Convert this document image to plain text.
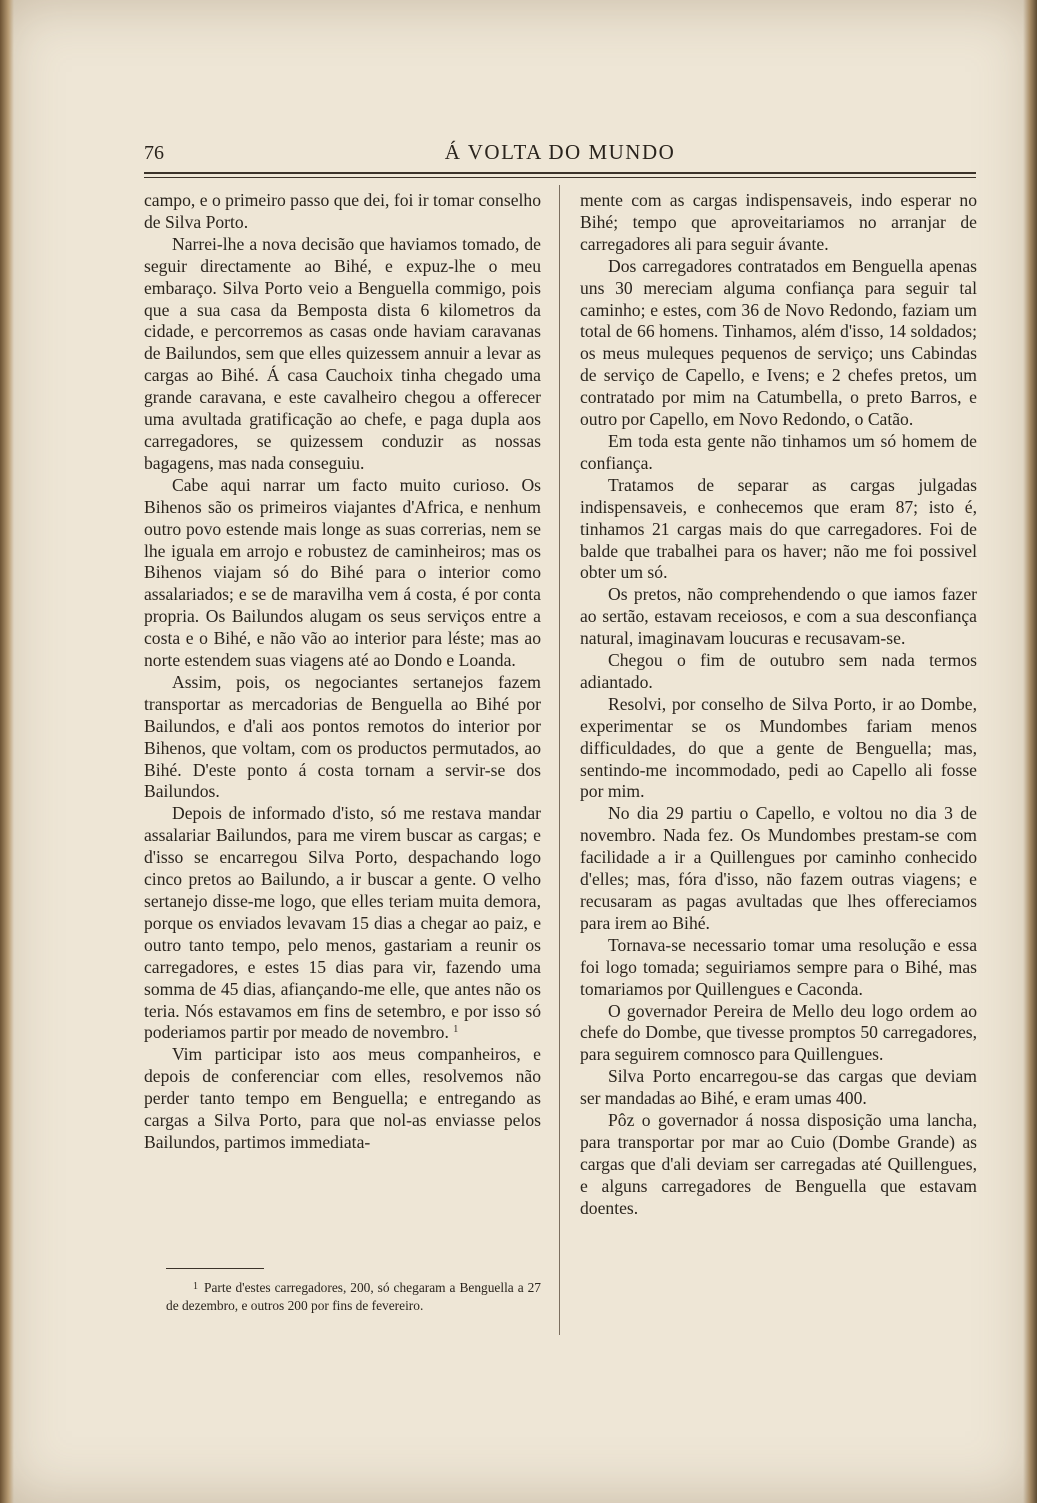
76	Á VOLTA DO MUNDO

campo, e o primeiro passo que dei, foi ir tomar conselho de Silva Porto.

Narrei-lhe a nova decisão que haviamos tomado, de seguir directamente ao Bihé, e expuz-lhe o meu embaraço. Silva Porto veio a Benguella commigo, pois que a sua casa da Bemposta dista 6 kilometros da cidade, e percorremos as casas onde haviam caravanas de Bailundos, sem que elles quizessem annuir a levar as cargas ao Bihé. Á casa Cauchoix tinha chegado uma grande caravana, e este cavalheiro chegou a offerecer uma avultada gratificação ao chefe, e paga dupla aos carregadores, se quizessem conduzir as nossas bagagens, mas nada conseguiu.

Cabe aqui narrar um facto muito curioso. Os Bihenos são os primeiros viajantes d'Africa, e nenhum outro povo estende mais longe as suas correrias, nem se lhe iguala em arrojo e robustez de caminheiros; mas os Bihenos viajam só do Bihé para o interior como assalariados; e se de maravilha vem á costa, é por conta propria. Os Bailundos alugam os seus serviços entre a costa e o Bihé, e não vão ao interior para léste; mas ao norte estendem suas viagens até ao Dondo e Loanda.

Assim, pois, os negociantes sertanejos fazem transportar as mercadorias de Benguella ao Bihé por Bailundos, e d'ali aos pontos remotos do interior por Bihenos, que voltam, com os productos permutados, ao Bihé. D'este ponto á costa tornam a servir-se dos Bailundos.

Depois de informado d'isto, só me restava mandar assalariar Bailundos, para me virem buscar as cargas; e d'isso se encarregou Silva Porto, despachando logo cinco pretos ao Bailundo, a ir buscar a gente. O velho sertanejo disse-me logo, que elles teriam muita demora, porque os enviados levavam 15 dias a chegar ao paiz, e outro tanto tempo, pelo menos, gastariam a reunir os carregadores, e estes 15 dias para vir, fazendo uma somma de 45 dias, afiançando-me elle, que antes não os teria. Nós estavamos em fins de setembro, e por isso só poderiamos partir por meado de novembro. $^1$

Vim participar isto aos meus companheiros, e depois de conferenciar com elles, resolvemos não perder tanto tempo em Benguella; e entregando as cargas a Silva Porto, para que nol-as enviasse pelos Bailundos, partimos immediata-

mente com as cargas indispensaveis, indo esperar no Bihé; tempo que aproveitariamos no arranjar de carregadores ali para seguir ávante.

Dos carregadores contratados em Benguella apenas uns 30 mereciam alguma confiança para seguir tal caminho; e estes, com 36 de Novo Redondo, faziam um total de 66 homens. Tinhamos, além d'isso, 14 soldados; os meus muleques pequenos de serviço; uns Cabindas de serviço de Capello, e Ivens; e 2 chefes pretos, um contratado por mim na Catumbella, o preto Barros, e outro por Capello, em Novo Redondo, o Catão.

Em toda esta gente não tinhamos um só homem de confiança.

Tratamos de separar as cargas julgadas indispensaveis, e conhecemos que eram 87; isto é, tinhamos 21 cargas mais do que carregadores. Foi de balde que trabalhei para os haver; não me foi possivel obter um só.

Os pretos, não comprehendendo o que iamos fazer ao sertão, estavam receiosos, e com a sua desconfiança natural, imaginavam loucuras e recusavam-se.

Chegou o fim de outubro sem nada termos adiantado.

Resolvi, por conselho de Silva Porto, ir ao Dombe, experimentar se os Mundombes fariam menos difficuldades, do que a gente de Benguella; mas, sentindo-me incommodado, pedi ao Capello ali fosse por mim.

No dia 29 partiu o Capello, e voltou no dia 3 de novembro. Nada fez. Os Mundombes prestam-se com facilidade a ir a Quillengues por caminho conhecido d'elles; mas, fóra d'isso, não fazem outras viagens; e recusaram as pagas avultadas que lhes offereciamos para irem ao Bihé.

Tornava-se necessario tomar uma resolução e essa foi logo tomada; seguiriamos sempre para o Bihé, mas tomariamos por Quillengues e Caconda.

O governador Pereira de Mello deu logo ordem ao chefe do Dombe, que tivesse promptos 50 carregadores, para seguirem comnosco para Quillengues.

Silva Porto encarregou-se das cargas que deviam ser mandadas ao Bihé, e eram umas 400.

Pôz o governador á nossa disposição uma lancha, para transportar por mar ao Cuio (Dombe Grande) as cargas que d'ali deviam ser carregadas até Quillengues, e alguns carregadores de Benguella que estavam doentes.

$^1$ Parte d'estes carregadores, 200, só chegaram a Benguella a 27 de dezembro, e outros 200 por fins de fevereiro.
